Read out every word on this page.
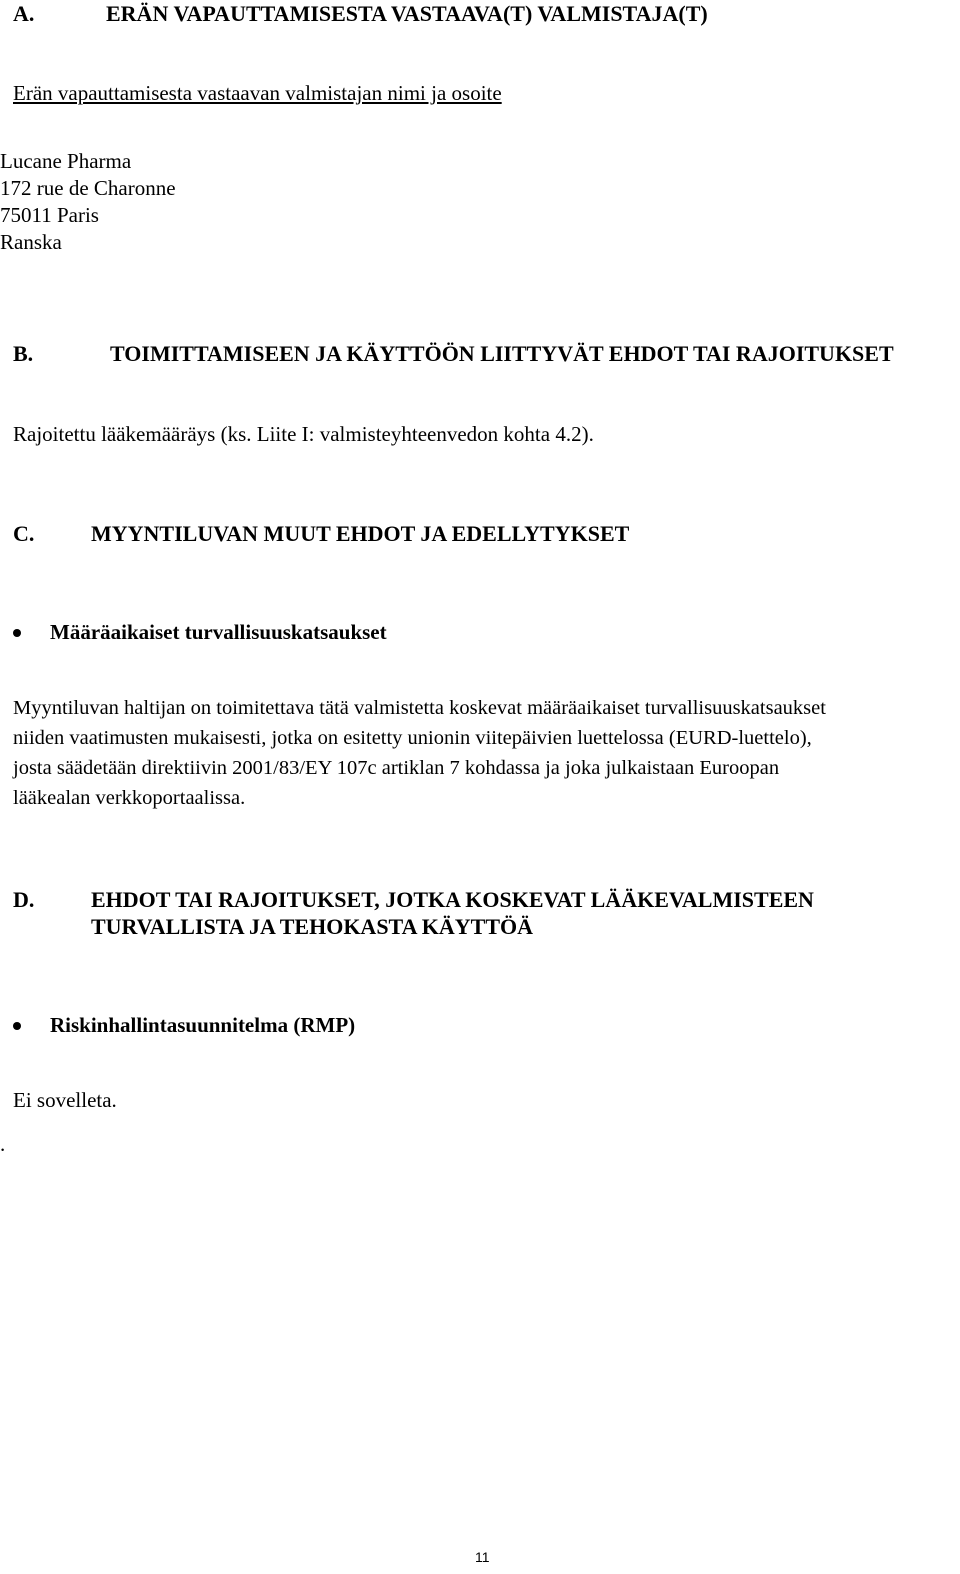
A.	ERÄN VAPAUTTAMISESTA VASTAAVA(T) VALMISTAJA(T)
Erän vapauttamisesta vastaavan valmistajan nimi ja osoite
Lucane Pharma
172 rue de Charonne
75011 Paris
Ranska
B.	TOIMITTAMISEEN JA KÄYTTÖÖN LIITTYVÄT EHDOT TAI RAJOITUKSET
Rajoitettu lääkemääräys (ks. Liite I: valmisteyhteenvedon kohta 4.2).
C.	MYYNTILUVAN MUUT EHDOT JA EDELLYTYKSET
Määräaikaiset turvallisuuskatsaukset
Myyntiluvan haltijan on toimitettava tätä valmistetta koskevat määräaikaiset turvallisuuskatsaukset
niiden vaatimusten mukaisesti, jotka on esitetty unionin viitepäivien luettelossa (EURD-luettelo),
josta säädetään direktiivin 2001/83/EY 107c artiklan 7 kohdassa ja joka julkaistaan Euroopan
lääkealan verkkoportaalissa.
D.	EHDOT TAI RAJOITUKSET, JOTKA KOSKEVAT LÄÄKEVALMISTEEN
TURVALLISTA JA TEHOKASTA KÄYTTÖÄ
Riskinhallintasuunnitelma (RMP)
Ei sovelleta.
.
11
